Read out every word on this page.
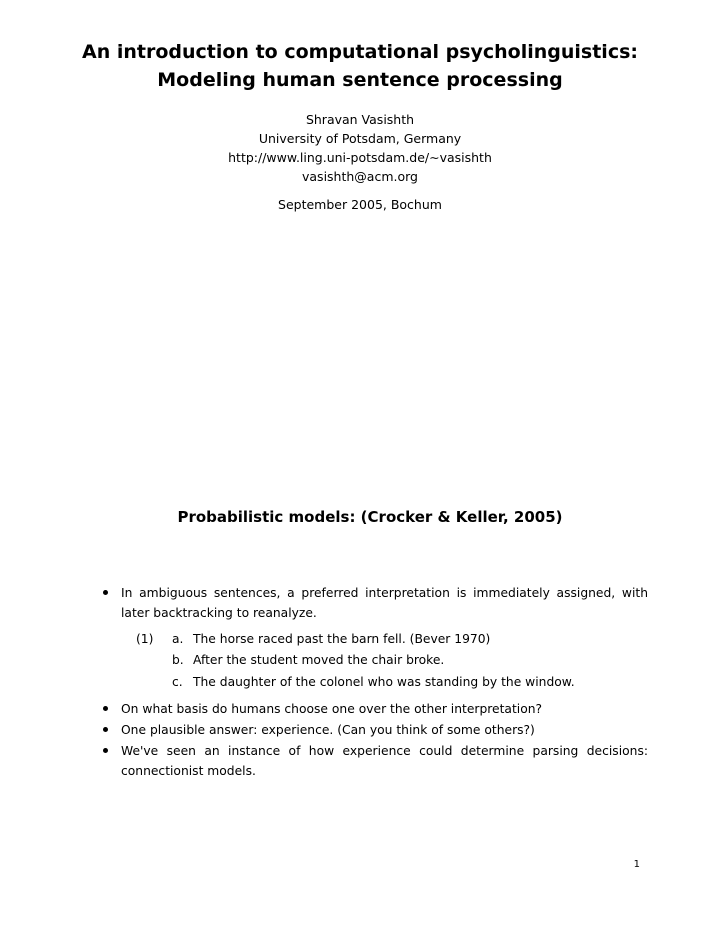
An introduction to computational psycholinguistics:
Modeling human sentence processing
Shravan Vasishth
University of Potsdam, Germany
http://www.ling.uni-potsdam.de/∼vasishth
vasishth@acm.org
September 2005, Bochum
Probabilistic models: (Crocker & Keller, 2005)
In ambiguous sentences, a preferred interpretation is immediately assigned, with later backtracking to reanalyze.
(1) a. The horse raced past the barn fell. (Bever 1970)
b. After the student moved the chair broke.
c. The daughter of the colonel who was standing by the window.
On what basis do humans choose one over the other interpretation?
One plausible answer: experience. (Can you think of some others?)
We've seen an instance of how experience could determine parsing decisions: connectionist models.
1
